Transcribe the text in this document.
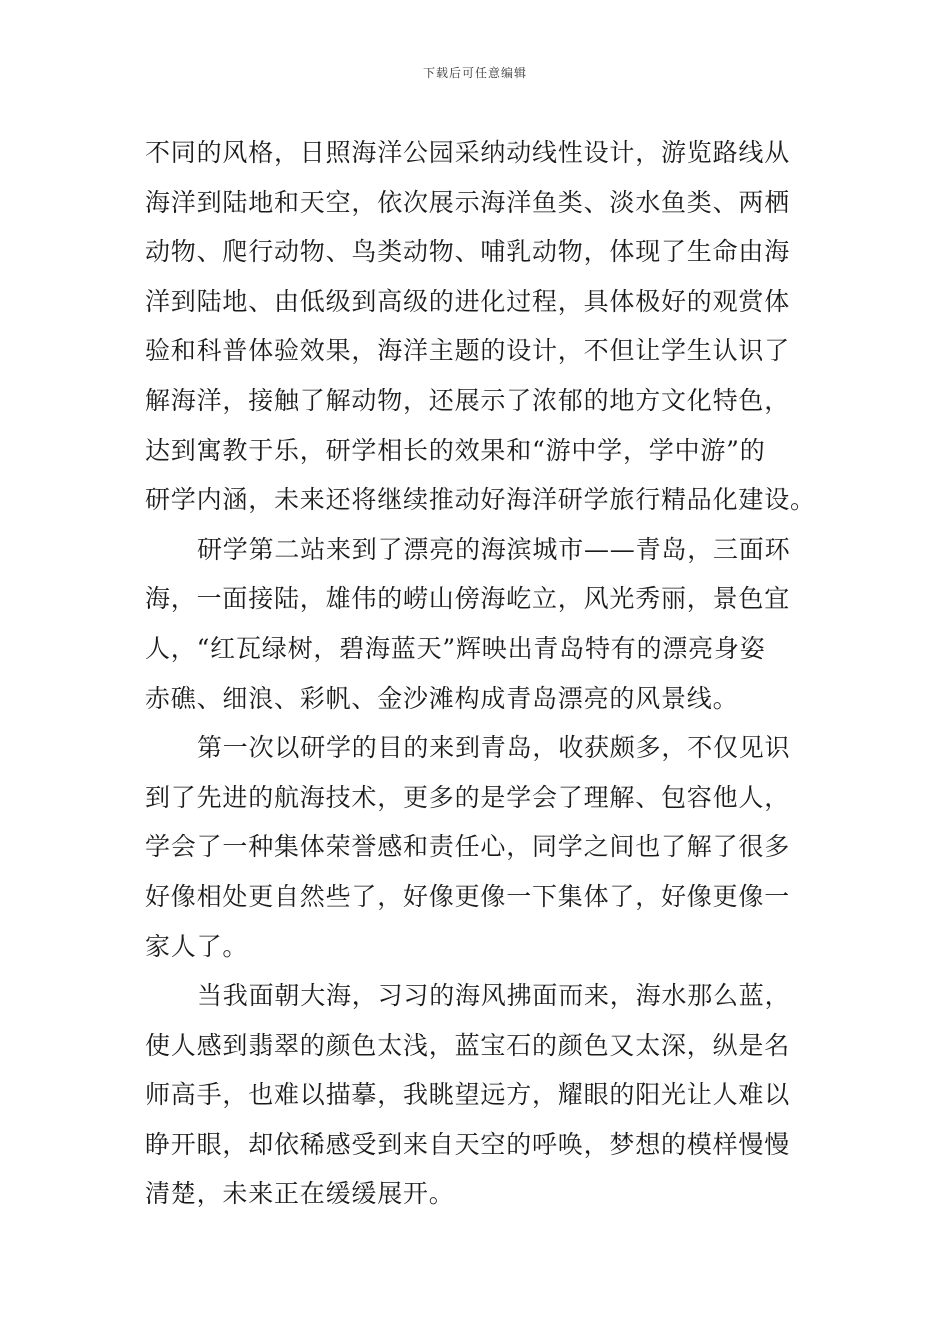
下载后可任意编辑
不同的风格，日照海洋公园采纳动线性设计，游览路线从
海洋到陆地和天空，依次展示海洋鱼类、淡水鱼类、两栖
动物、爬行动物、鸟类动物、哺乳动物，体现了生命由海
洋到陆地、由低级到高级的进化过程，具体极好的观赏体
验和科普体验效果，海洋主题的设计，不但让学生认识了
解海洋，接触了解动物，还展示了浓郁的地方文化特色，
达到寓教于乐，研学相长的效果和“游中学，学中游”的
研学内涵，未来还将继续推动好海洋研学旅行精品化建设。
研学第二站来到了漂亮的海滨城市——青岛，三面环
海，一面接陆，雄伟的崂山傍海屹立，风光秀丽，景色宜
人，“红瓦绿树，碧海蓝天”辉映出青岛特有的漂亮身姿
赤礁、细浪、彩帆、金沙滩构成青岛漂亮的风景线。
第一次以研学的目的来到青岛，收获颇多，不仅见识
到了先进的航海技术，更多的是学会了理解、包容他人，
学会了一种集体荣誉感和责任心，同学之间也了解了很多
好像相处更自然些了，好像更像一下集体了，好像更像一
家人了。
当我面朝大海，习习的海风拂面而来，海水那么蓝，
使人感到翡翠的颜色太浅，蓝宝石的颜色又太深，纵是名
师高手，也难以描摹，我眺望远方，耀眼的阳光让人难以
睁开眼，却依稀感受到来自天空的呼唤，梦想的模样慢慢
清楚，未来正在缓缓展开。
